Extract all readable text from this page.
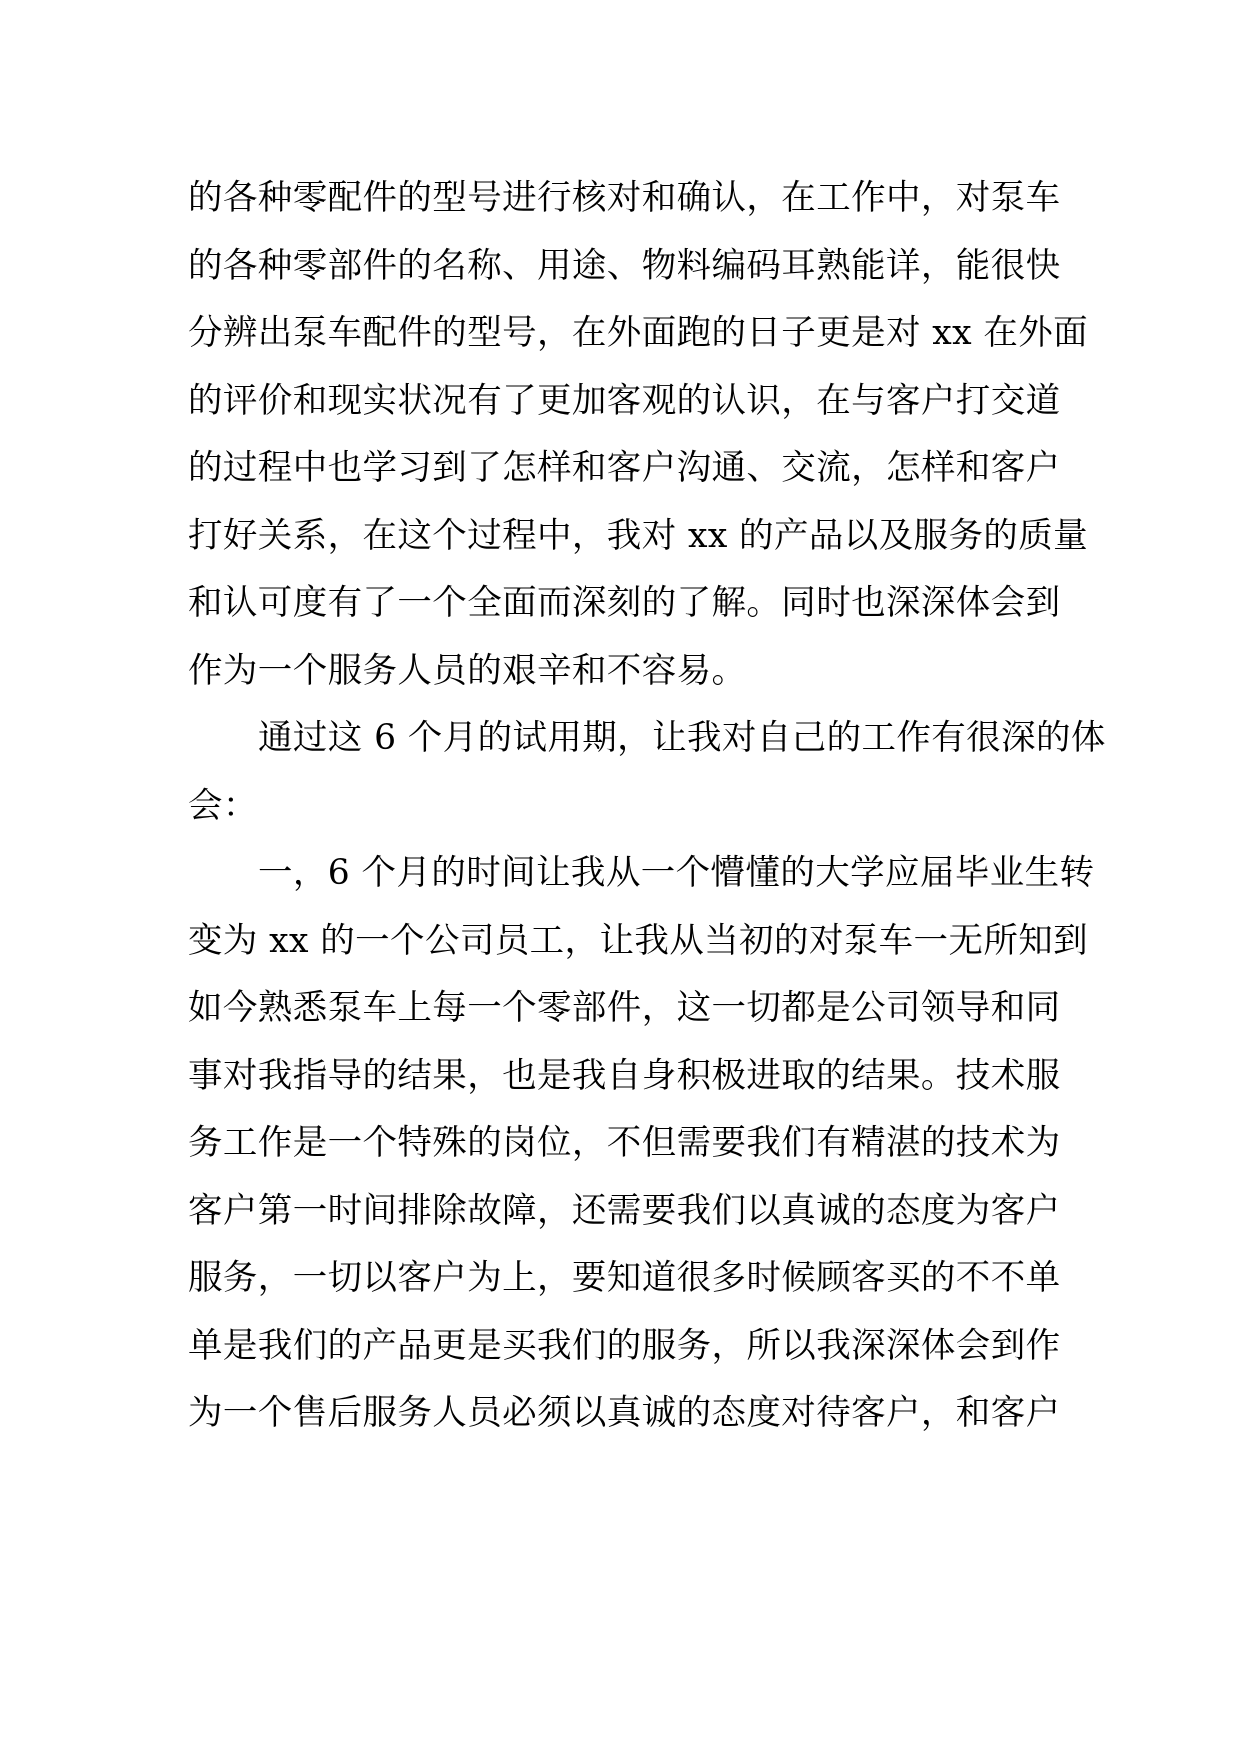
的各种零配件的型号进行核对和确认，在工作中，对泵车
的各种零部件的名称、用途、物料编码耳熟能详，能很快
分辨出泵车配件的型号，在外面跑的日子更是对 xx 在外面
的评价和现实状况有了更加客观的认识，在与客户打交道
的过程中也学习到了怎样和客户沟通、交流，怎样和客户
打好关系，在这个过程中，我对 xx 的产品以及服务的质量
和认可度有了一个全面而深刻的了解。同时也深深体会到
作为一个服务人员的艰辛和不容易。
通过这 6 个月的试用期，让我对自己的工作有很深的体
会：
一，6 个月的时间让我从一个懵懂的大学应届毕业生转
变为 xx 的一个公司员工，让我从当初的对泵车一无所知到
如今熟悉泵车上每一个零部件，这一切都是公司领导和同
事对我指导的结果，也是我自身积极进取的结果。技术服
务工作是一个特殊的岗位，不但需要我们有精湛的技术为
客户第一时间排除故障，还需要我们以真诚的态度为客户
服务，一切以客户为上，要知道很多时候顾客买的不不单
单是我们的产品更是买我们的服务，所以我深深体会到作
为一个售后服务人员必须以真诚的态度对待客户，和客户
